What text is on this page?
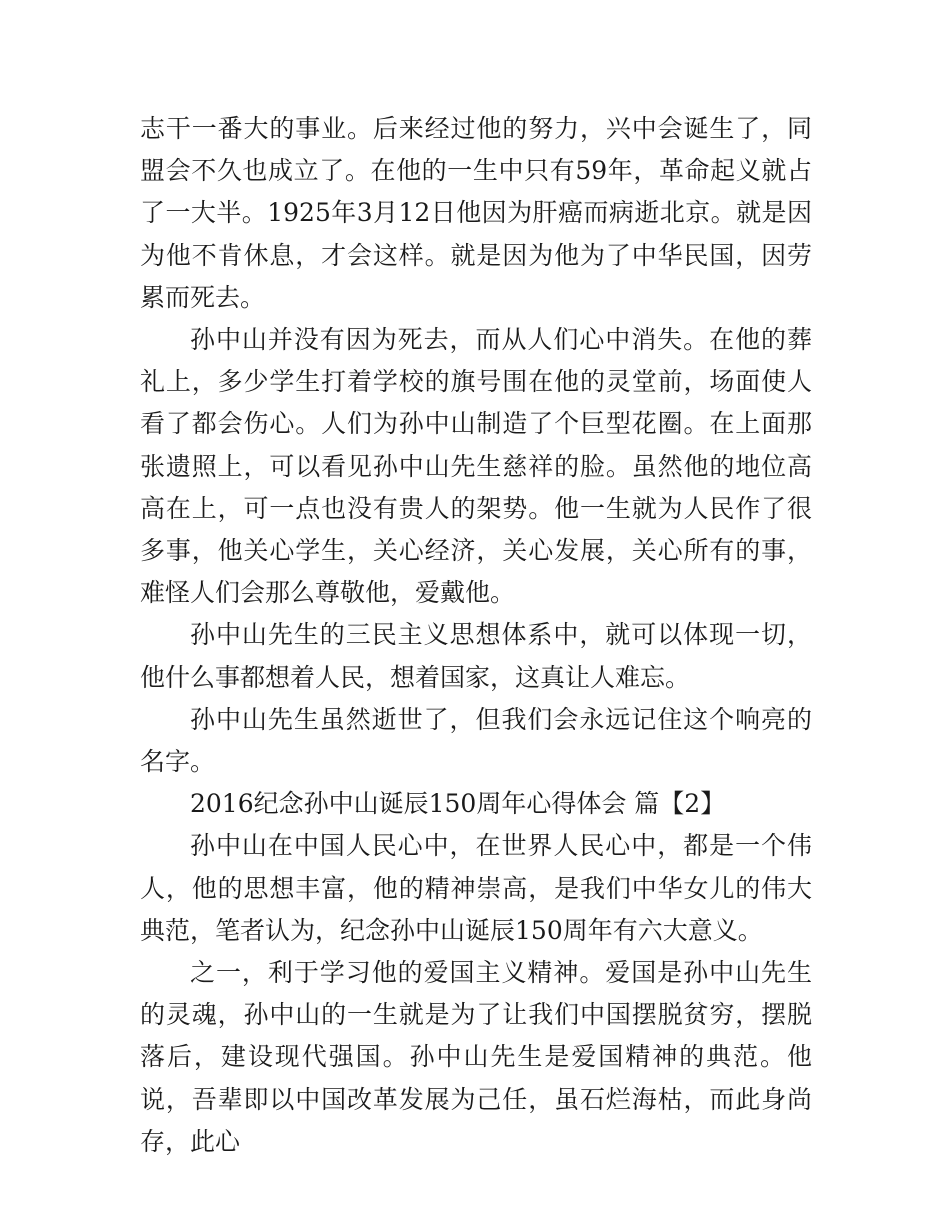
志干一番大的事业。后来经过他的努力，兴中会诞生了，同盟会不久也成立了。在他的一生中只有59年，革命起义就占了一大半。1925年3月12日他因为肝癌而病逝北京。就是因为他不肯休息，才会这样。就是因为他为了中华民国，因劳累而死去。

孙中山并没有因为死去，而从人们心中消失。在他的葬礼上，多少学生打着学校的旗号围在他的灵堂前，场面使人看了都会伤心。人们为孙中山制造了个巨型花圈。在上面那张遗照上，可以看见孙中山先生慈祥的脸。虽然他的地位高高在上，可一点也没有贵人的架势。他一生就为人民作了很多事，他关心学生，关心经济，关心发展，关心所有的事，难怪人们会那么尊敬他，爱戴他。

孙中山先生的三民主义思想体系中，就可以体现一切，他什么事都想着人民，想着国家，这真让人难忘。

孙中山先生虽然逝世了，但我们会永远记住这个响亮的名字。

2016纪念孙中山诞辰150周年心得体会 篇【2】

孙中山在中国人民心中，在世界人民心中，都是一个伟人，他的思想丰富，他的精神崇高，是我们中华女儿的伟大典范，笔者认为，纪念孙中山诞辰150周年有六大意义。

之一，利于学习他的爱国主义精神。爱国是孙中山先生的灵魂，孙中山的一生就是为了让我们中国摆脱贫穷，摆脱落后，建设现代强国。孙中山先生是爱国精神的典范。他说，吾辈即以中国改革发展为己任，虽石烂海枯，而此身尚存，此心
